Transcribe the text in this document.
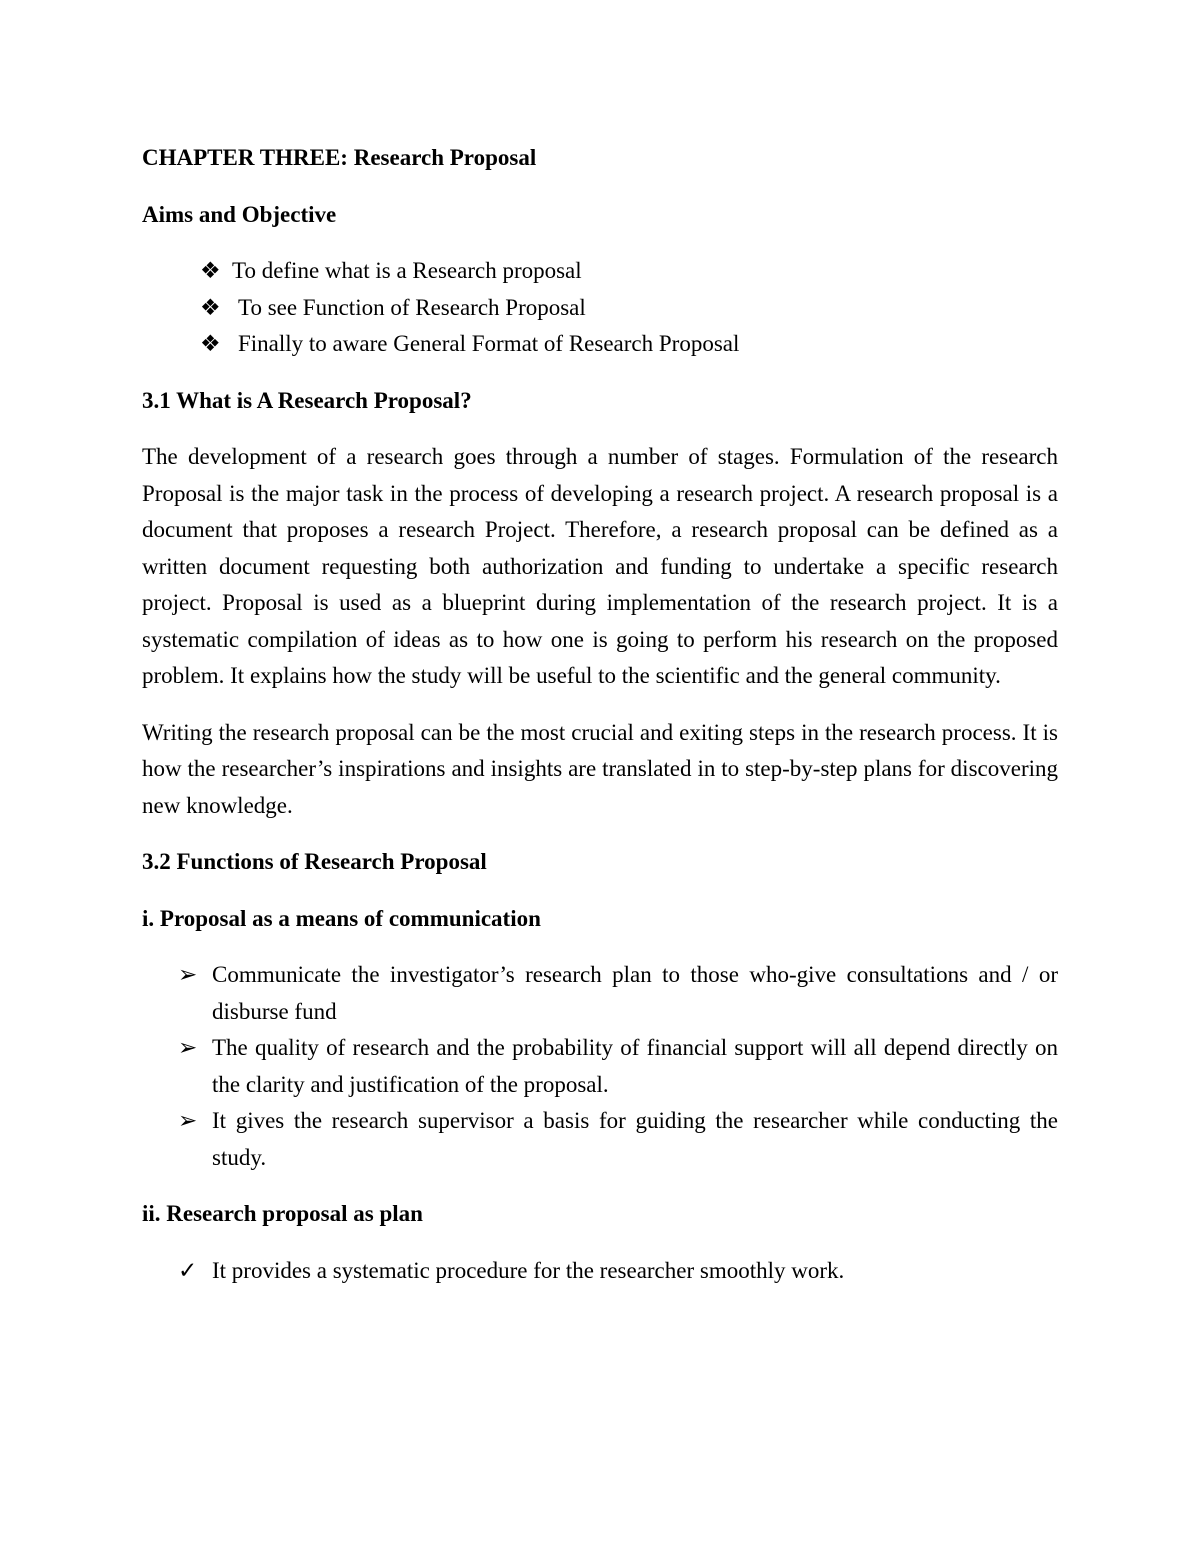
CHAPTER THREE: Research Proposal
Aims and Objective
❖ To define what is a Research proposal
❖ To see Function of Research Proposal
❖ Finally to aware General Format of Research Proposal
3.1 What is A Research Proposal?

The development of a research goes through a number of stages. Formulation of the research Proposal is the major task in the process of developing a research project. A research proposal is a document that proposes a research Project. Therefore, a research proposal can be defined as a written document requesting both authorization and funding to undertake a specific research project. Proposal is used as a blueprint during implementation of the research project. It is a systematic compilation of ideas as to how one is going to perform his research on the proposed problem. It explains how the study will be useful to the scientific and the general community.

Writing the research proposal can be the most crucial and exiting steps in the research process. It is how the researcher’s inspirations and insights are translated in to step-by-step plans for discovering new knowledge.

3.2 Functions of Research Proposal
i. Proposal as a means of communication
➢ Communicate the investigator’s research plan to those who-give consultations and / or disburse fund
➢ The quality of research and the probability of financial support will all depend directly on the clarity and justification of the proposal.
➢ It gives the research supervisor a basis for guiding the researcher while conducting the study.
ii. Research proposal as plan
✓ It provides a systematic procedure for the researcher smoothly work.
